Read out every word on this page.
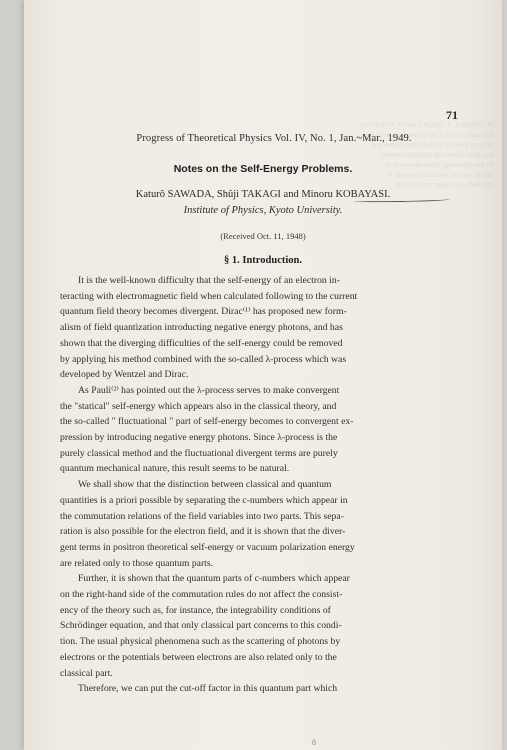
M. SAWADA, S. TAKAGI and M. KOBAYASI
the quantum part of the commutation relation
before is given in the following manner and
the classical part only should be retained
for the self-energy of the electron field
and the vacuum polarization energy is
obtained with respect to the cut-off
71
Progress of Theoretical Physics Vol. IV, No. 1, Jan.~Mar., 1949.
Notes on the Self-Energy Problems.
Katurô SAWADA, Shûji TAKAGI and Minoru KOBAYASI.
Institute of Physics, Kyoto University.
(Received Oct. 11, 1948)
§ 1. Introduction.
It is the well-known difficulty that the self-energy of an electron in-
teracting with electromagnetic field when calculated following to the current
quantum field theory becomes divergent. Dirac⁽¹⁾ has proposed new form-
alism of field quantization introducting negative energy photons, and has
shown that the diverging difficulties of the self-energy could be removed
by applying his method combined with the so-called λ-process which was
developed by Wentzel and Dirac.
As Pauli⁽²⁾ has pointed out the λ-process serves to make convergent
the "statical" self-energy which appears also in the classical theory, and
the so-called " fluctuational " part of self-energy becomes to convergent ex-
pression by introducing negative energy photons. Since λ-process is the
purely classical method and the fluctuational divergent terms are purely
quantum mechanical nature, this result seems to be natural.
We shall show that the distinction between classical and quantum
quantities is a priori possible by separating the c-numbers which appear in
the commutation relations of the field variables into two parts. This sepa-
ration is also possible for the electron field, and it is shown that the diver-
gent terms in positron theoretical self-energy or vacuum polarization energy
are related only to those quantum parts.
Further, it is shown that the quantum parts of c-numbers which appear
on the right-hand side of the commutation rules do not affect the consist-
ency of the theory such as, for instance, the integrability conditions of
Schrödinger equation, and that only classical part concerns to this condi-
tion. The usual physical phenomena such as the scattering of photons by
electrons or the potentials between electrons are also related only to the
classical part.
Therefore, we can put the cut-off factor in this quantum part which
8
